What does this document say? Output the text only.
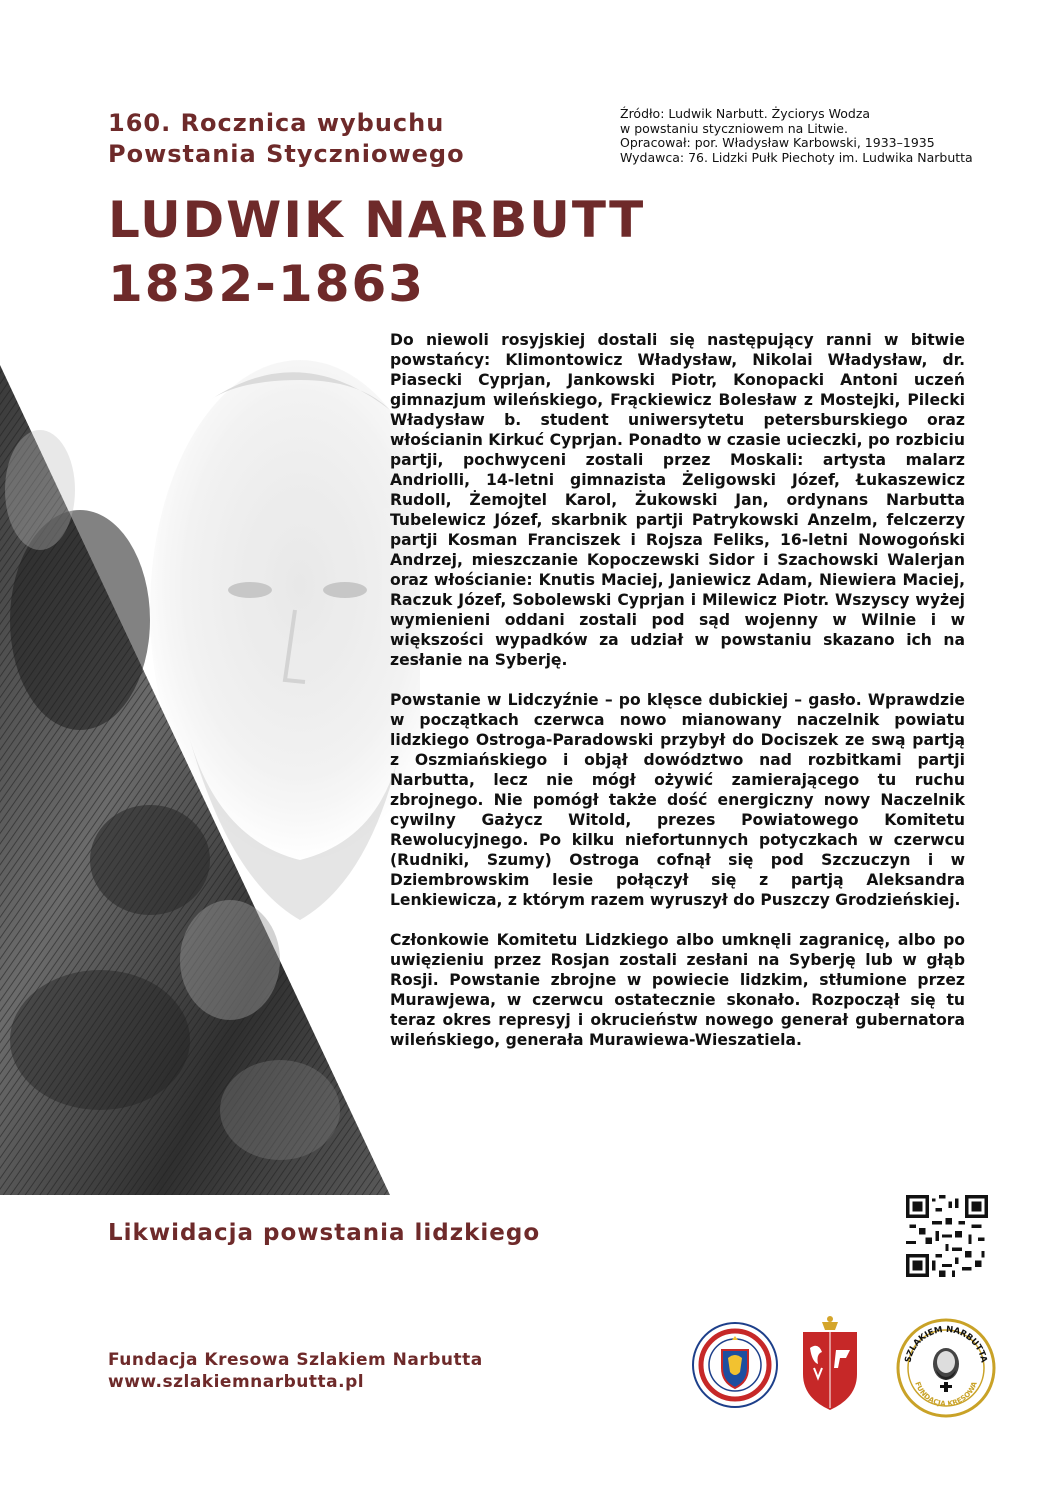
160. Rocznica wybuchu
Powstania Styczniowego
Źródło: Ludwik Narbutt. Życiorys Wodza
w powstaniu styczniowem na Litwie.
Opracował: por. Władysław Karbowski, 1933–1935
Wydawca: 76. Lidzki Pułk Piechoty im. Ludwika Narbutta
LUDWIK NARBUTT
1832-1863

Do niewoli rosyjskiej dostali się następujący ranni w bitwie powstańcy: Klimontowicz Władysław, Nikolai Władysław, dr. Piasecki Cyprjan, Jankowski Piotr, Konopacki Antoni uczeń gimnazjum wileńskiego, Frąckiewicz Bolesław z Mostejki, Pilecki Władysław b. student uniwersytetu petersburskiego oraz włościanin Kirkuć Cyprjan. Ponadto w czasie ucieczki, po rozbiciu partji, pochwyceni zostali przez Moskali: artysta malarz Andriolli, 14-letni gimnazista Żeligowski Józef, Łukaszewicz Rudoll, Żemojtel Karol, Żukowski Jan, ordynans Narbutta Tubelewicz Józef, skarbnik partji Patrykowski Anzelm, felczerzy partji Kosman Franciszek i Rojsza Feliks, 16-letni Nowogoński Andrzej, mieszczanie Kopoczewski Sidor i Szachowski Walerjan oraz włościanie: Knutis Maciej, Janiewicz Adam, Niewiera Maciej, Raczuk Józef, Sobolewski Cyprjan i Milewicz Piotr. Wszyscy wyżej wymienieni oddani zostali pod sąd wojenny w Wilnie i w większości wypadków za udział w powstaniu skazano ich na zesłanie na Syberję.

Powstanie w Lidczyźnie – po klęsce dubickiej – gasło. Wprawdzie w początkach czerwca nowo mianowany naczelnik powiatu lidzkiego Ostroga-Paradowski przybył do Dociszek ze swą partją z Oszmiańskiego i objął dowództwo nad rozbitkami partji Narbutta, lecz nie mógł ożywić zamierającego tu ruchu zbrojnego. Nie pomógł także dość energiczny nowy Naczelnik cywilny Gażycz Witold, prezes Powiatowego Komitetu Rewolucyjnego. Po kilku niefortunnych potyczkach w czerwcu (Rudniki, Szumy) Ostroga cofnął się pod Szczuczyn i w Dziembrowskim lesie połączył się z partją Aleksandra Lenkiewicza, z którym razem wyruszył do Puszczy Grodzieńskiej.

Członkowie Komitetu Lidzkiego albo umknęli zagranicę, albo po uwięzieniu przez Rosjan zostali zesłani na Syberję lub w głąb Rosji. Powstanie zbrojne w powiecie lidzkim, stłumione przez Murawjewa, w czerwcu ostatecznie skonało. Rozpoczął się tu teraz okres represyj i okrucieństw nowego generał gubernatora wileńskiego, generała Murawiewa-Wieszatiela.

Likwidacja powstania lidzkiego
Fundacja Kresowa Szlakiem Narbutta
www.szlakiemnarbutta.pl
SZLAKIEM NARBUTTA
FUNDACJA KRESOWA
